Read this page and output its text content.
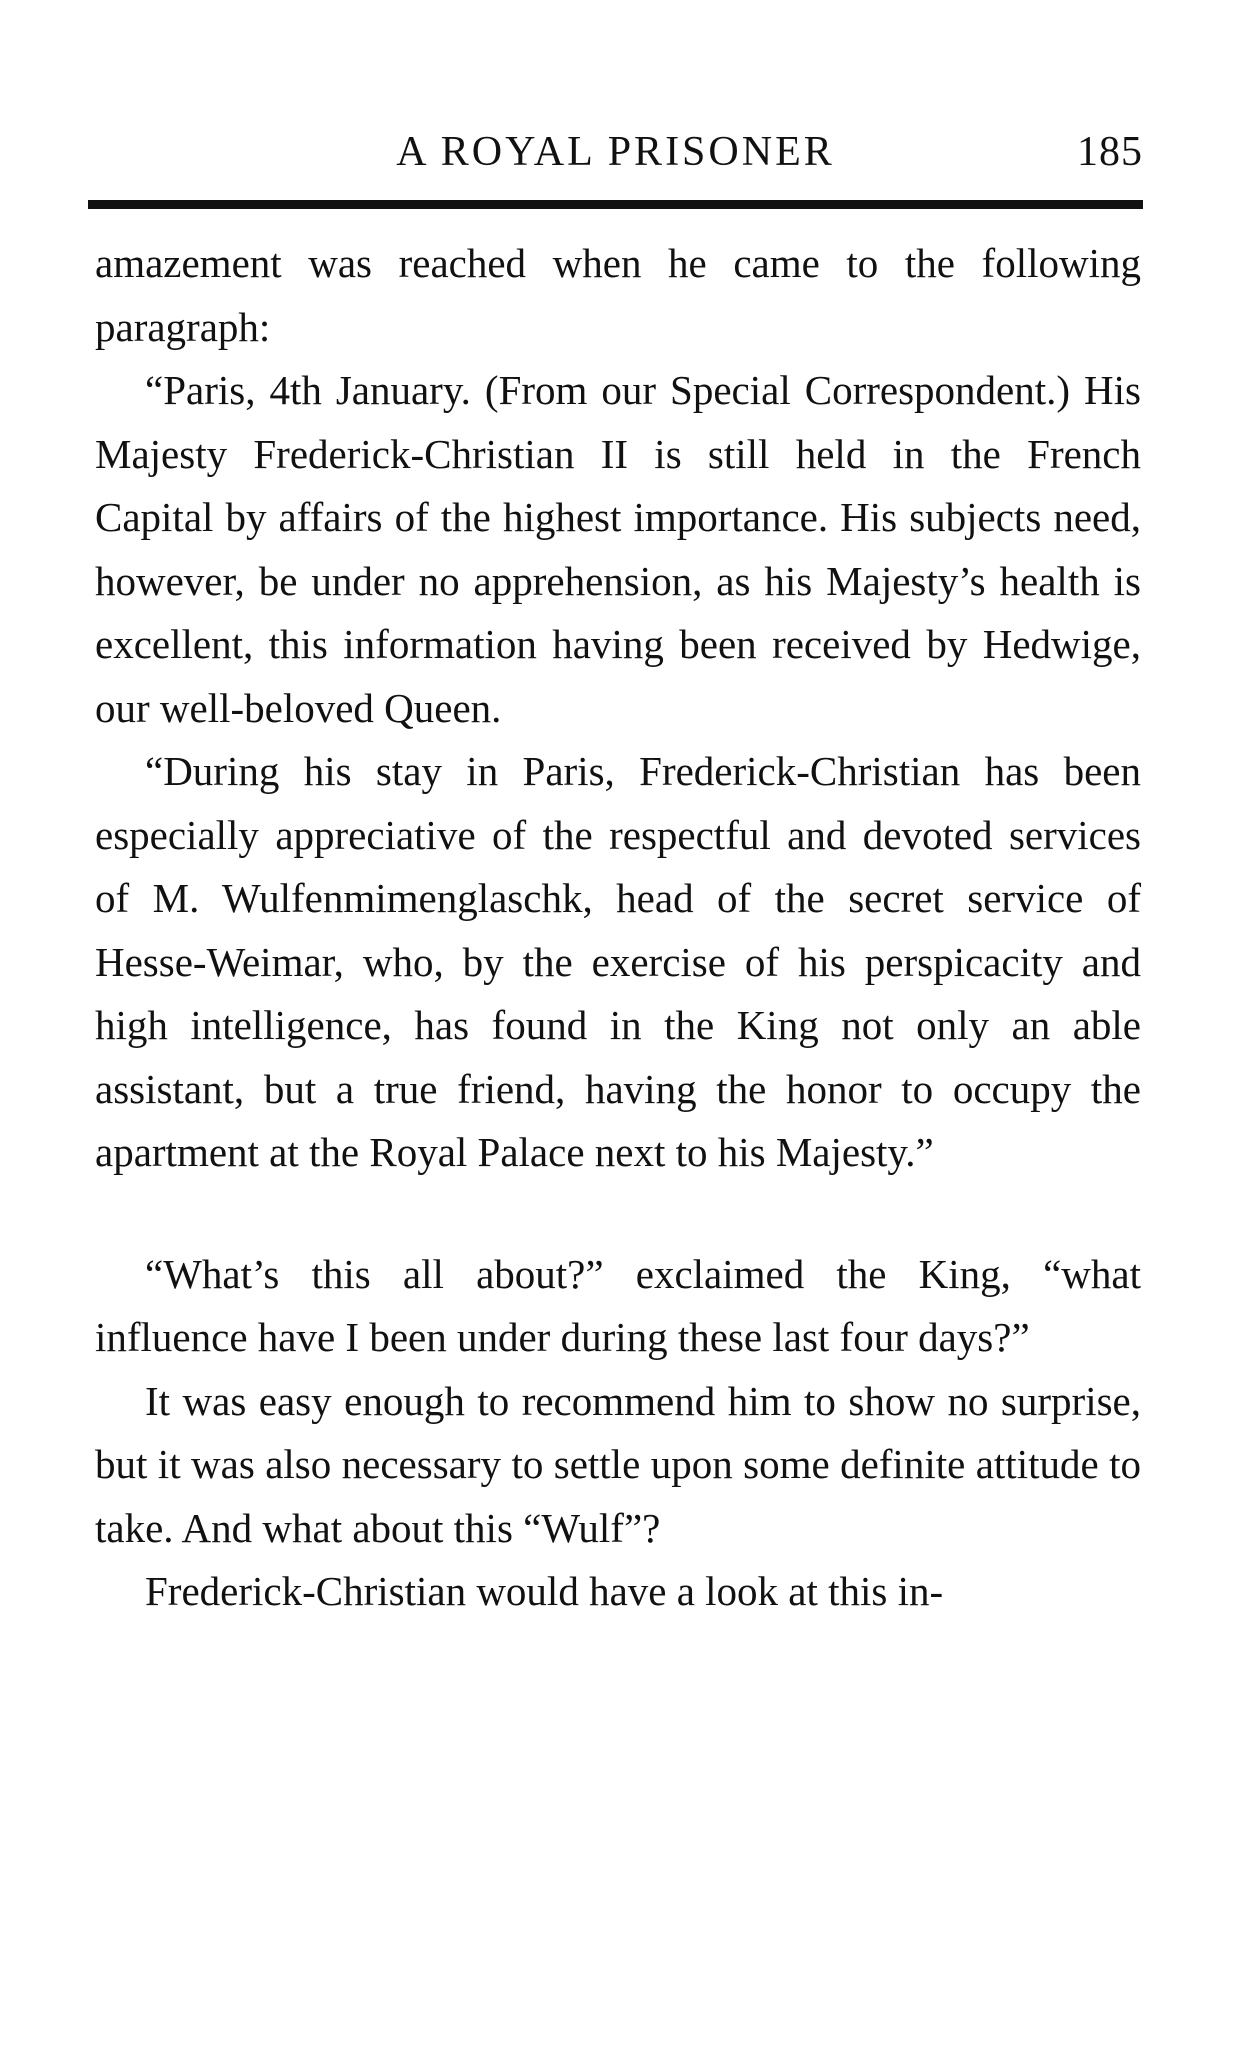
A ROYAL PRISONER	185

amazement was reached when he came to the following paragraph:

“Paris, 4th January. (From our Special Correspondent.) His Majesty Frederick-Christian II is still held in the French Capital by affairs of the highest importance. His subjects need, however, be under no apprehension, as his Majesty’s health is excellent, this information having been received by Hedwige, our well-beloved Queen.

“During his stay in Paris, Frederick-Christian has been especially appreciative of the respectful and devoted services of M. Wulfenmimenglaschk, head of the secret service of Hesse-Weimar, who, by the exercise of his perspicacity and high intelligence, has found in the King not only an able assistant, but a true friend, having the honor to occupy the apartment at the Royal Palace next to his Majesty.”

“What’s this all about?” exclaimed the King, “what influence have I been under during these last four days?”

It was easy enough to recommend him to show no surprise, but it was also necessary to settle upon some definite attitude to take. And what about this “Wulf”?

Frederick-Christian would have a look at this in-
